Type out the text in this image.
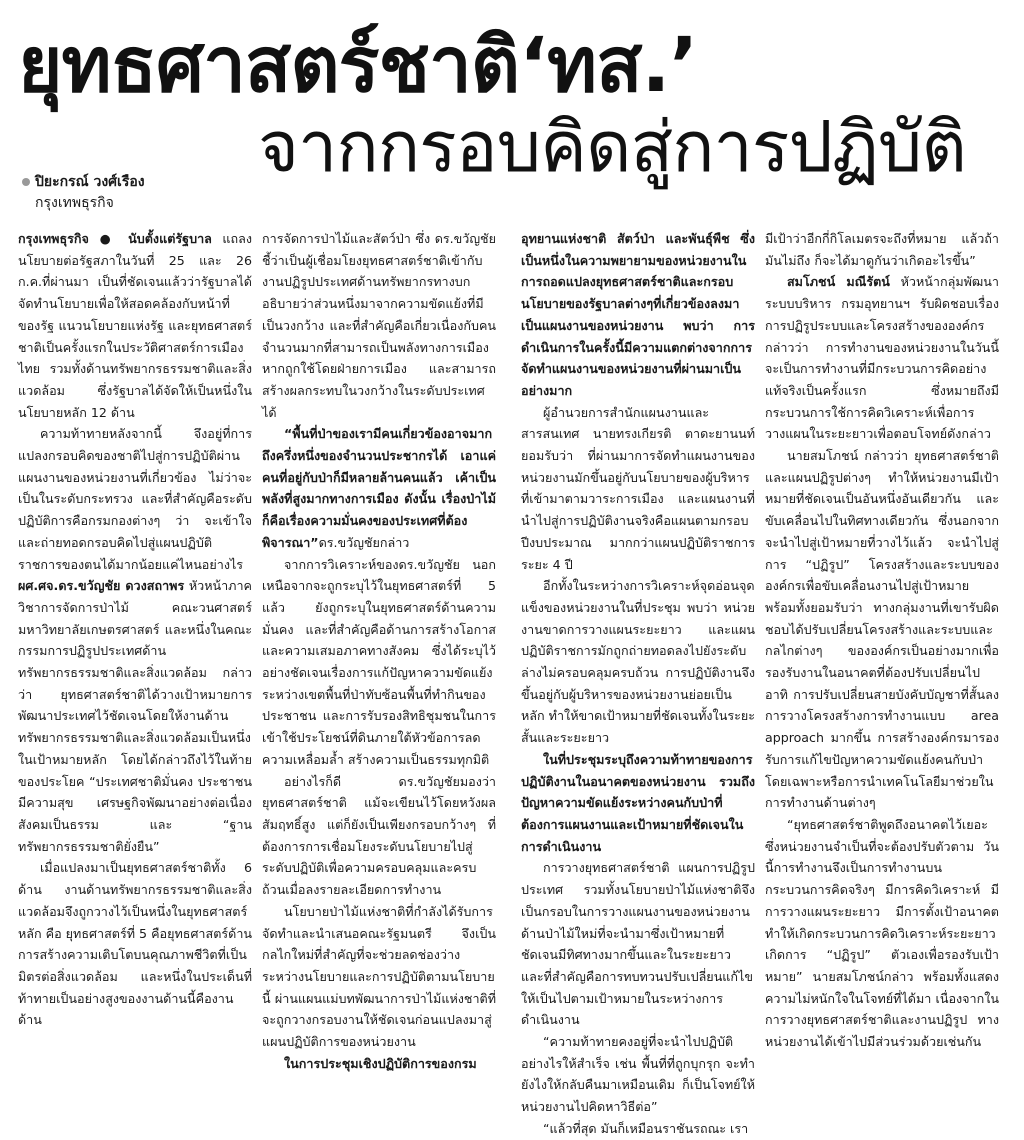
ยุทธศาสตร์ชาติ‘ทส.’
จากกรอบคิดสู่การปฏิบัติ
ปิยะกรณ์ วงศ์เรือง
กรุงเทพธุรกิจ

กรุงเทพธุรกิจ ● นับตั้งแต่รัฐบาล แถลงนโยบายต่อรัฐสภาในวันที่ 25 และ 26 ก.ค.ที่ผ่านมา เป็นที่ชัดเจนแล้วว่ารัฐบาลได้จัดทำนโยบายเพื่อให้สอดคล้องกับหน้าที่ของรัฐ แนวนโยบายแห่งรัฐ และยุทธศาสตร์ชาติเป็นครั้งแรกในประวัติศาสตร์การเมืองไทย รวมทั้งด้านทรัพยากรธรรมชาติและสิ่งแวดล้อม ซึ่งรัฐบาลได้จัดให้เป็นหนึ่งในนโยบายหลัก 12 ด้าน

ความท้าทายหลังจากนี้ จึงอยู่ที่การแปลงกรอบคิดของชาติไปสู่การปฏิบัติผ่านแผนงานของหน่วยงานที่เกี่ยวข้อง ไม่ว่าจะเป็นในระดับกระทรวง และที่สำคัญคือระดับปฏิบัติการคือกรมกองต่างๆ ว่า จะเข้าใจและถ่ายทอดกรอบคิดไปสู่แผนปฏิบัติราชการของตนได้มากน้อยแค่ไหนอย่างไร

ผศ.ศจ.ดร.ขวัญชัย ดวงสถาพร หัวหน้าภาควิชาการจัดการป่าไม้ คณะวนศาสตร์ มหาวิทยาลัยเกษตรศาสตร์ และหนึ่งในคณะกรรมการปฏิรูปประเทศด้านทรัพยากรธรรมชาติและสิ่งแวดล้อม กล่าวว่า ยุทธศาสตร์ชาติได้วางเป้าหมายการพัฒนาประเทศไว้ชัดเจนโดยให้งานด้านทรัพยากรธรรมชาติและสิ่งแวดล้อมเป็นหนึ่งในเป้าหมายหลัก โดยได้กล่าวถึงไว้ในท้ายของประโยค “ประเทศชาติมั่นคง ประชาชนมีความสุข เศรษฐกิจพัฒนาอย่างต่อเนื่อง สังคมเป็นธรรม และ “ฐานทรัพยากรธรรมชาติยั่งยืน”

เมื่อแปลงมาเป็นยุทธศาสตร์ชาติทั้ง 6 ด้าน งานด้านทรัพยากรธรรมชาติและสิ่งแวดล้อมจึงถูกวางไว้เป็นหนึ่งในยุทธศาสตร์หลัก คือ ยุทธศาสตร์ที่ 5 คือยุทธศาสตร์ด้านการสร้างความเติบโตบนคุณภาพชีวิตที่เป็นมิตรต่อสิ่งแวดล้อม และหนึ่งในประเด็นที่ท้าทายเป็นอย่างสูงของงานด้านนี้คืองานด้าน

การจัดการป่าไม้และสัตว์ป่า ซึ่ง ดร.ขวัญชัย ชี้ว่าเป็นผู้เชื่อมโยงยุทธศาสตร์ชาติเข้ากับงานปฏิรูปประเทศด้านทรัพยากรทางบกอธิบายว่าส่วนหนึ่งมาจากความขัดแย้งที่มีเป็นวงกว้าง และที่สำคัญคือเกี่ยวเนื่องกับคนจำนวนมากที่สามารถเป็นพลังทางการเมืองหากถูกใช้โดยฝ่ายการเมือง และสามารถสร้างผลกระทบในวงกว้างในระดับประเทศได้

“พื้นที่ป่าของเรามีคนเกี่ยวข้องอาจมากถึงครึ่งหนึ่งของจำนวนประชากรได้ เอาแค่คนที่อยู่กับป่าก็มีหลายล้านคนแล้ว เค้าเป็นพลังที่สูงมากทางการเมือง ดังนั้น เรื่องป่าไม้ก็คือเรื่องความมั่นคงของประเทศที่ต้องพิจารณา”ดร.ขวัญชัยกล่าว

จากการวิเคราะห์ของดร.ขวัญชัย นอกเหนือจากจะถูกระบุไว้ในยุทธศาสตร์ที่ 5 แล้ว ยังถูกระบุในยุทธศาสตร์ด้านความมั่นคง และที่สำคัญคือด้านการสร้างโอกาสและความเสมอภาคทางสังคม ซึ่งได้ระบุไว้อย่างชัดเจนเรื่องการแก้ปัญหาความขัดแย้งระหว่างเขตพื้นที่ป่าทับซ้อนพื้นที่ทำกินของประชาชน และการรับรองสิทธิชุมชนในการเข้าใช้ประโยชน์ที่ดินภายใต้หัวข้อการลดความเหลื่อมล้ำ สร้างความเป็นธรรมทุกมิติ

อย่างไรก็ดี ดร.ขวัญชัยมองว่า ยุทธศาสตร์ชาติ แม้จะเขียนไว้โดยหวังผลสัมฤทธิ์สูง แต่ก็ยังเป็นเพียงกรอบกว้างๆ ที่ต้องการการเชื่อมโยงระดับนโยบายไปสู่ระดับปฏิบัติเพื่อความครอบคลุมและครบถ้วนเมื่อลงรายละเอียดการทำงาน

นโยบายป่าไม้แห่งชาติที่กำลังได้รับการจัดทำและนำเสนอคณะรัฐมนตรี จึงเป็นกลไกใหม่ที่สำคัญที่จะช่วยลดช่องว่างระหว่างนโยบายและการปฏิบัติตามนโยบายนี้ ผ่านแผนแม่บทพัฒนาการป่าไม้แห่งชาติที่จะถูกวางกรอบงานให้ชัดเจนก่อนแปลงมาสู่แผนปฏิบัติการของหน่วยงาน

ในการประชุมเชิงปฏิบัติการของกรม

อุทยานแห่งชาติ สัตว์ป่า และพันธุ์พืช ซึ่งเป็นหนึ่งในความพยายามของหน่วยงานในการถอดแปลงยุทธศาสตร์ชาติและกรอบนโยบายของรัฐบาลต่างๆที่เกี่ยวข้องลงมาเป็นแผนงานของหน่วยงาน พบว่า การดำเนินการในครั้งนี้มีความแตกต่างจากการจัดทำแผนงานของหน่วยงานที่ผ่านมาเป็นอย่างมาก

ผู้อำนวยการสำนักแผนงานและสารสนเทศ นายทรงเกียรติ ตาดะยานนท์ ยอมรับว่า ที่ผ่านมาการจัดทำแผนงานของหน่วยงานมักขึ้นอยู่กับนโยบายของผู้บริหารที่เข้ามาตามวาระการเมือง และแผนงานที่นำไปสู่การปฏิบัติงานจริงคือแผนตามกรอบปีงบประมาณ มากกว่าแผนปฏิบัติราชการระยะ 4 ปี

อีกทั้งในระหว่างการวิเคราะห์จุดอ่อนจุดแข็งของหน่วยงานในที่ประชุม พบว่า หน่วยงานขาดการวางแผนระยะยาว และแผนปฏิบัติราชการมักถูกถ่ายทอดลงไปยังระดับล่างไม่ครอบคลุมครบถ้วน การปฏิบัติงานจึงขึ้นอยู่กับผู้บริหารของหน่วยงานย่อยเป็นหลัก ทำให้ขาดเป้าหมายที่ชัดเจนทั้งในระยะสั้นและระยะยาว

ในที่ประชุมระบุถึงความท้าทายของการปฏิบัติงานในอนาคตของหน่วยงาน รวมถึงปัญหาความขัดแย้งระหว่างคนกับป่าที่ต้องการแผนงานและเป้าหมายที่ชัดเจนในการดำเนินงาน

การวางยุทธศาสตร์ชาติ แผนการปฏิรูปประเทศ รวมทั้งนโยบายป่าไม้แห่งชาติจึงเป็นกรอบในการวางแผนงานของหน่วยงานด้านป่าไม้ใหม่ที่จะนำมาซึ่งเป้าหมายที่ชัดเจนมีทิศทางมากขึ้นและในระยะยาว และที่สำคัญคือการทบทวนปรับเปลี่ยนแก้ไขให้เป็นไปตามเป้าหมายในระหว่างการดำเนินงาน

“ความท้าทายคงอยู่ที่จะนำไปปฏิบัติอย่างไรให้สำเร็จ เช่น พื้นที่ที่ถูกบุกรุก จะทำยังไงให้กลับคืนมาเหมือนเดิม ก็เป็นโจทย์ให้หน่วยงานไปคิดหาวิธีต่อ”

“แล้วที่สุด มันก็เหมือนราชันรถณะ เรา

มีเป้าว่าอีกกี่กิโลเมตรจะถึงที่หมาย แล้วถ้ามันไม่ถึง ก็จะได้มาดูกันว่าเกิดอะไรขึ้น”

สมโภชน์ มณีรัตน์ หัวหน้ากลุ่มพัฒนาระบบบริหาร กรมอุทยานฯ รับผิดชอบเรื่องการปฏิรูประบบและโครงสร้างขององค์กร กล่าวว่า การทำงานของหน่วยงานในวันนี้จะเป็นการทำงานที่มีกระบวนการคิดอย่างแท้จริงเป็นครั้งแรก ซึ่งหมายถึงมีกระบวนการใช้การคิดวิเคราะห์เพื่อการวางแผนในระยะยาวเพื่อตอบโจทย์ดังกล่าว

นายสมโภชน์ กล่าวว่า ยุทธศาสตร์ชาติและแผนปฏิรูปต่างๆ ทำให้หน่วยงานมีเป้าหมายที่ชัดเจนเป็นอันหนึ่งอันเดียวกัน และขับเคลื่อนไปในทิศทางเดียวกัน ซึ่งนอกจากจะนำไปสู่เป้าหมายที่วางไว้แล้ว จะนำไปสู่การ “ปฏิรูป” โครงสร้างและระบบขององค์กรเพื่อขับเคลื่อนงานไปสู่เป้าหมาย พร้อมทั้งยอมรับว่า ทางกลุ่มงานที่เขารับผิดชอบได้ปรับเปลี่ยนโครงสร้างและระบบและกลไกต่างๆ ขององค์กรเป็นอย่างมากเพื่อรองรับงานในอนาคตที่ต้องปรับเปลี่ยนไป อาทิ การปรับเปลี่ยนสายบังคับบัญชาที่สั้นลง การวางโครงสร้างการทำงานแบบ area approach มากขึ้น การสร้างองค์กรมารองรับการแก้ไขปัญหาความขัดแย้งคนกับป่าโดยเฉพาะหรือการนำเทคโนโลยีมาช่วยในการทำงานด้านต่างๆ

“ยุทธศาสตร์ชาติพูดถึงอนาคตไว้เยอะ ซึ่งหน่วยงานจำเป็นที่จะต้องปรับตัวตาม วันนี้การทำงานจึงเป็นการทำงานบนกระบวนการคิดจริงๆ มีการคิดวิเคราะห์ มีการวางแผนระยะยาว มีการตั้งเป้าอนาคต ทำให้เกิดกระบวนการคิดวิเคราะห์ระยะยาว เกิดการ “ปฏิรูป” ตัวเองเพื่อรองรับเป้าหมาย” นายสมโภชน์กล่าว พร้อมทั้งแสดงความไม่หนักใจในโจทย์ที่ได้มา เนื่องจากในการวางยุทธศาสตร์ชาติและงานปฏิรูป ทางหน่วยงานได้เข้าไปมีส่วนร่วมด้วยเช่นกัน
